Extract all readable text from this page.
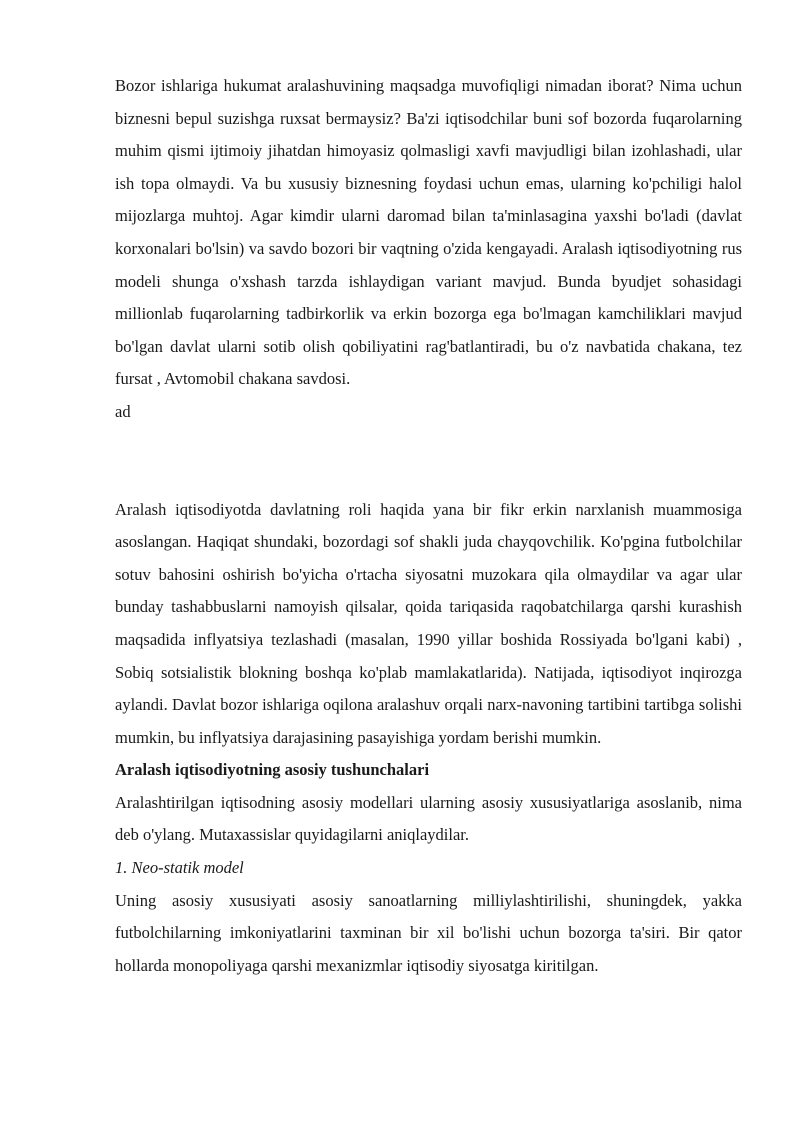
Bozor ishlariga hukumat aralashuvining maqsadga muvofiqligi nimadan iborat? Nima uchun biznesni bepul suzishga ruxsat bermaysiz? Ba'zi iqtisodchilar buni sof bozorda fuqarolarning muhim qismi ijtimoiy jihatdan himoyasiz qolmasligi xavfi mavjudligi bilan izohlashadi, ular ish topa olmaydi. Va bu xususiy biznesning foydasi uchun emas, ularning ko'pchiligi halol mijozlarga muhtoj. Agar kimdir ularni daromad bilan ta'minlasagina yaxshi bo'ladi (davlat korxonalari bo'lsin) va savdo bozori bir vaqtning o'zida kengayadi. Aralash iqtisodiyotning rus modeli shunga o'xshash tarzda ishlaydigan variant mavjud. Bunda byudjet sohasidagi millionlab fuqarolarning tadbirkorlik va erkin bozorga ega bo'lmagan kamchiliklari mavjud bo'lgan davlat ularni sotib olish qobiliyatini rag'batlantiradi, bu o'z navbatida chakana, tez fursat , Avtomobil chakana savdosi.

ad

Aralash iqtisodiyotda davlatning roli haqida yana bir fikr erkin narxlanish muammosiga asoslangan. Haqiqat shundaki, bozordagi sof shakli juda chayqovchilik. Ko'pgina futbolchilar sotuv bahosini oshirish bo'yicha o'rtacha siyosatni muzokara qila olmaydilar va agar ular bunday tashabbuslarni namoyish qilsalar, qoida tariqasida raqobatchilarga qarshi kurashish maqsadida inflyatsiya tezlashadi (masalan, 1990 yillar boshida Rossiyada bo'lgani kabi) , Sobiq sotsialistik blokning boshqa ko'plab mamlakatlarida). Natijada, iqtisodiyot inqirozga aylandi. Davlat bozor ishlariga oqilona aralashuv orqali narx-navoning tartibini tartibga solishi mumkin, bu inflyatsiya darajasining pasayishiga yordam berishi mumkin.

Aralash iqtisodiyotning asosiy tushunchalari

Aralashtirilgan iqtisodning asosiy modellari ularning asosiy xususiyatlariga asoslanib, nima deb o'ylang. Mutaxassislar quyidagilarni aniqlaydilar.

1. Neo-statik model

Uning asosiy xususiyati asosiy sanoatlarning milliylashtirilishi, shuningdek, yakka futbolchilarning imkoniyatlarini taxminan bir xil bo'lishi uchun bozorga ta'siri. Bir qator hollarda monopoliyaga qarshi mexanizmlar iqtisodiy siyosatga kiritilgan.
